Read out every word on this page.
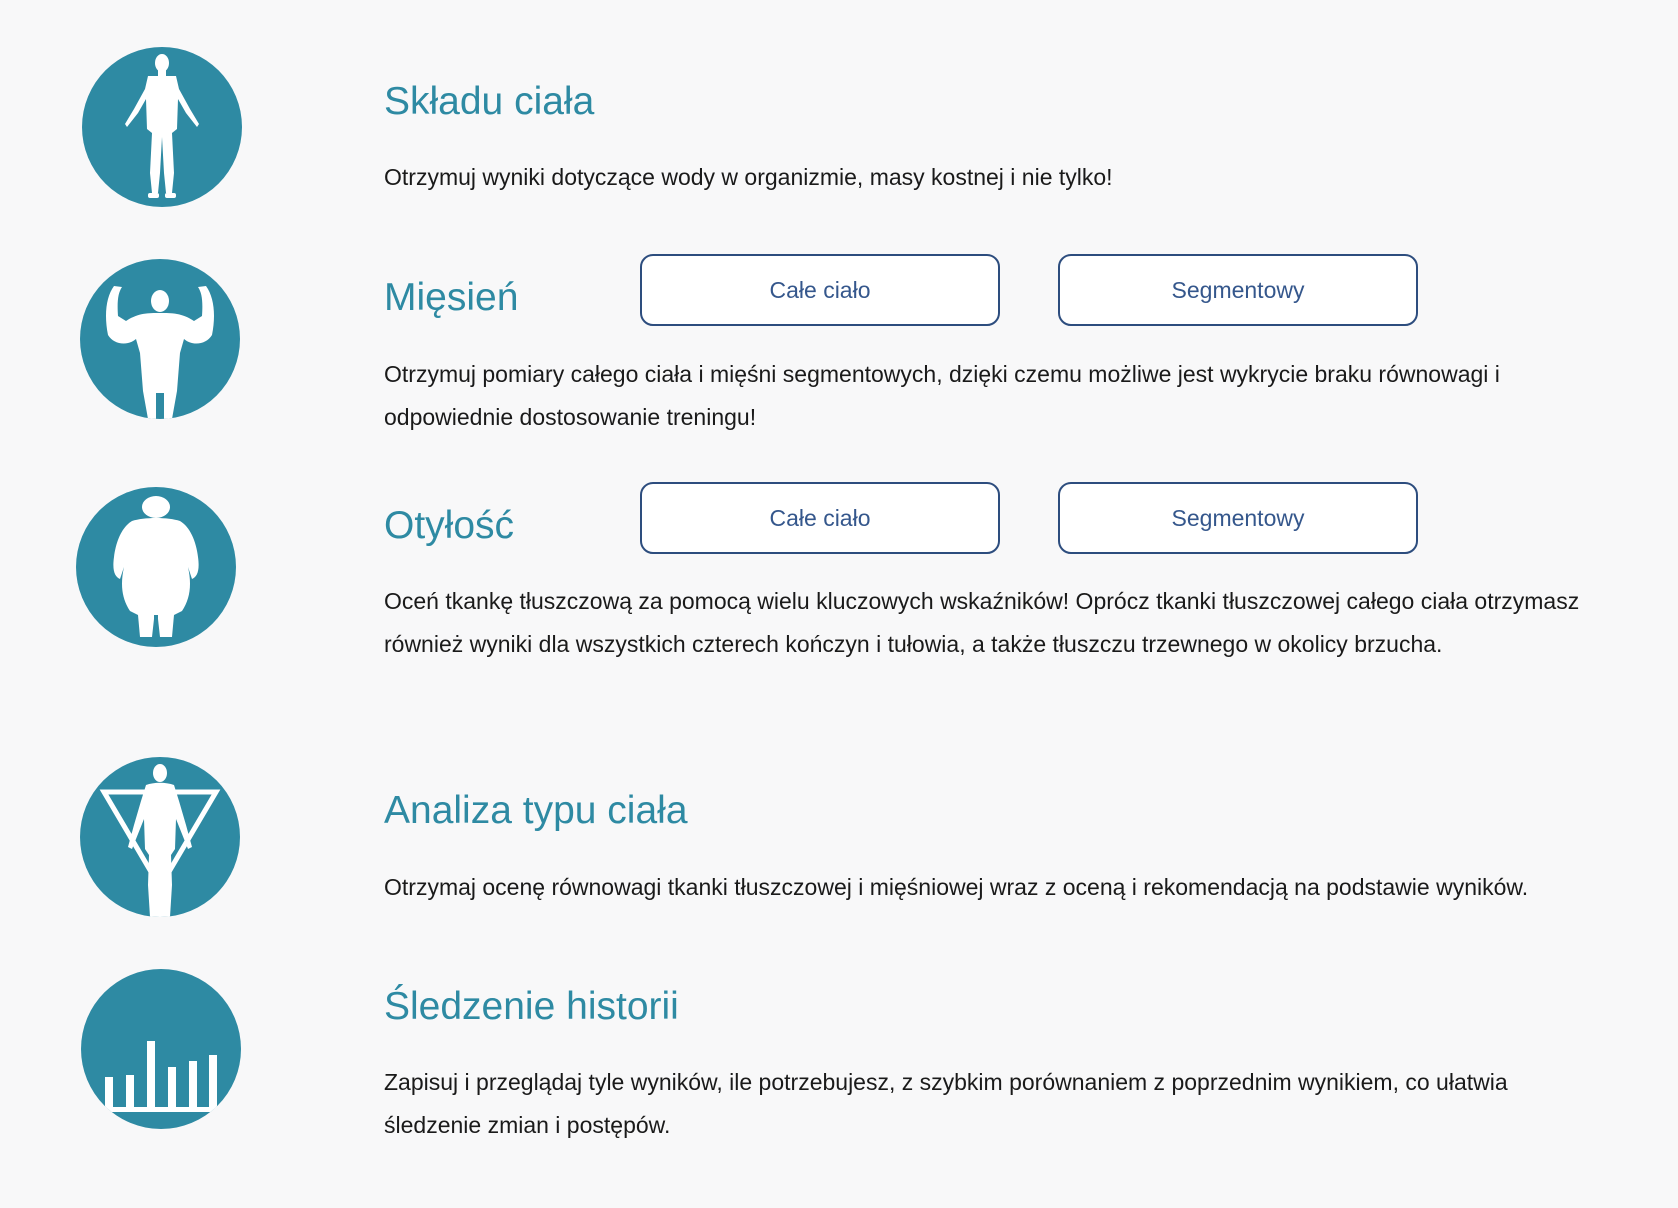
Składu ciała

Otrzymuj wyniki dotyczące wody w organizmie, masy kostnej i nie tylko!

Mięsień	Całe ciało	Segmentowy

Otrzymuj pomiary całego ciała i mięśni segmentowych, dzięki czemu możliwe jest wykrycie braku równowagi i odpowiednie dostosowanie treningu!

Otyłość	Całe ciało	Segmentowy

Oceń tkankę tłuszczową za pomocą wielu kluczowych wskaźników! Oprócz tkanki tłuszczowej całego ciała otrzymasz również wyniki dla wszystkich czterech kończyn i tułowia, a także tłuszczu trzewnego w okolicy brzucha.

Analiza typu ciała

Otrzymaj ocenę równowagi tkanki tłuszczowej i mięśniowej wraz z oceną i rekomendacją na podstawie wyników.

Śledzenie historii

Zapisuj i przeglądaj tyle wyników, ile potrzebujesz, z szybkim porównaniem z poprzednim wynikiem, co ułatwia śledzenie zmian i postępów.
